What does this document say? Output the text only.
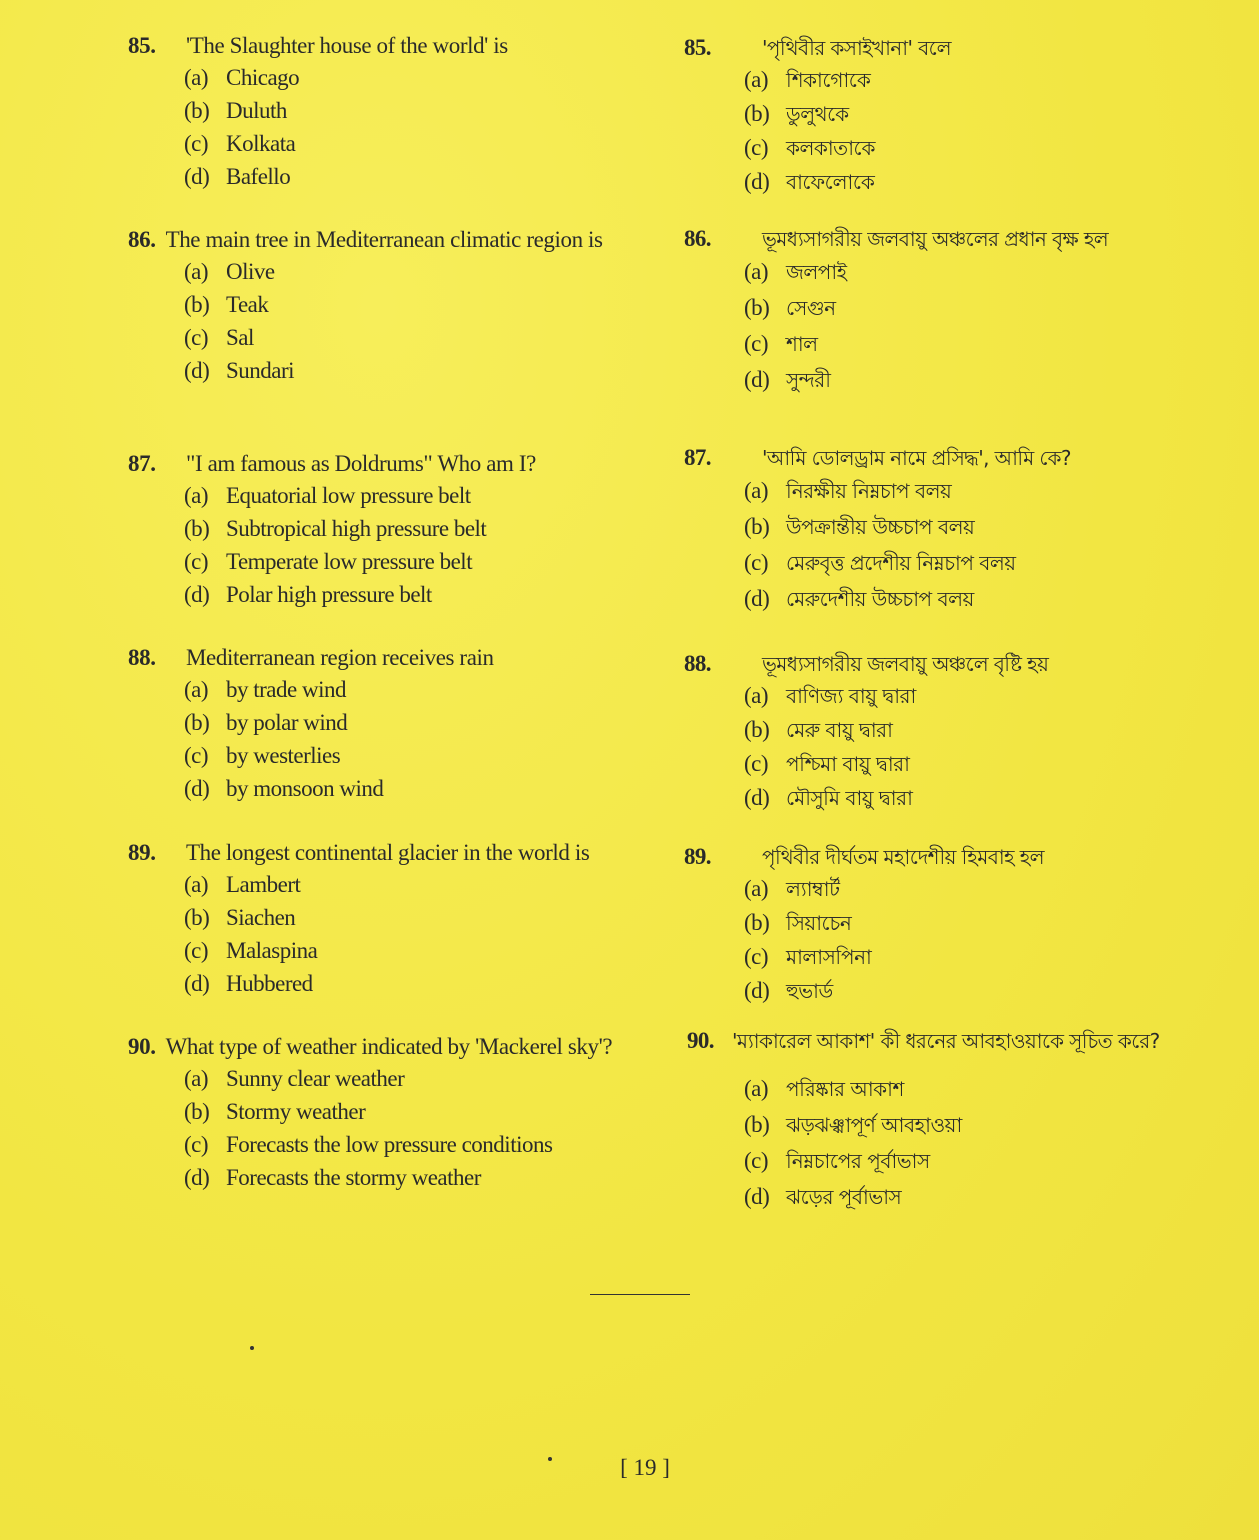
85. 'The Slaughter house of the world' is
(a) Chicago
(b) Duluth
(c) Kolkata
(d) Bafello
86. The main tree in Mediterranean climatic region is
(a) Olive
(b) Teak
(c) Sal
(d) Sundari
87. "I am famous as Doldrums" Who am I?
(a) Equatorial low pressure belt
(b) Subtropical high pressure belt
(c) Temperate low pressure belt
(d) Polar high pressure belt
88. Mediterranean region receives rain
(a) by trade wind
(b) by polar wind
(c) by westerlies
(d) by monsoon wind
89. The longest continental glacier in the world is
(a) Lambert
(b) Siachen
(c) Malaspina
(d) Hubbered
90. What type of weather indicated by 'Mackerel sky'?
(a) Sunny clear weather
(b) Stormy weather
(c) Forecasts the low pressure conditions
(d) Forecasts the stormy weather
85.	'পৃথিবীর কসাইখানা' বলে
(a) শিকাগোকে
(b) ডুলুথকে
(c) কলকাতাকে
(d) বাফেলোকে
86.	ভূমধ্যসাগরীয় জলবায়ু অঞ্চলের প্রধান বৃক্ষ হল
(a) জলপাই
(b) সেগুন
(c) শাল
(d) সুন্দরী
87.	'আমি ডোলড্রাম নামে প্রসিদ্ধ', আমি কে?
(a) নিরক্ষীয় নিম্নচাপ বলয়
(b) উপক্রান্তীয় উচ্চচাপ বলয়
(c) মেরুবৃত্ত প্রদেশীয় নিম্নচাপ বলয়
(d) মেরুদেশীয় উচ্চচাপ বলয়
88.	ভূমধ্যসাগরীয় জলবায়ু অঞ্চলে বৃষ্টি হয়
(a) বাণিজ্য বায়ু দ্বারা
(b) মেরু বায়ু দ্বারা
(c) পশ্চিমা বায়ু দ্বারা
(d) মৌসুমি বায়ু দ্বারা
89.	পৃথিবীর দীর্ঘতম মহাদেশীয় হিমবাহ হল
(a) ল্যাম্বার্ট
(b) সিয়াচেন
(c) মালাসপিনা
(d) হুভার্ড
90. 'ম্যাকারেল আকাশ' কী ধরনের আবহাওয়াকে সূচিত করে?
(a) পরিষ্কার আকাশ
(b) ঝড়ঝঞ্ঝাপূর্ণ আবহাওয়া
(c) নিম্নচাপের পূর্বাভাস
(d) ঝড়ের পূর্বাভাস
[ 19 ]
